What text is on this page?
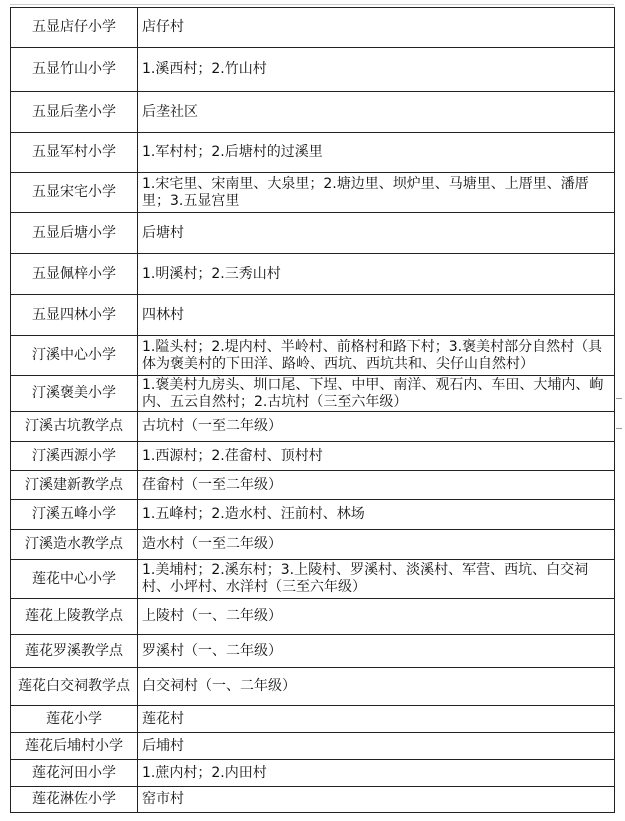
五显店仔小学	店仔村
五显竹山小学	1.溪西村；2.竹山村
五显后垄小学	后垄社区
五显军村小学	1.军村村；2.后塘村的过溪里
五显宋宅小学	1.宋宅里、宋南里、大泉里；2.塘边里、坝炉里、马塘里、上厝里、潘厝里；3.五显宫里
五显后塘小学	后塘村
五显佩梓小学	1.明溪村；2.三秀山村
五显四林小学	四林村
汀溪中心小学	1.隘头村；2.堤内村、半岭村、前格村和路下村；3.褒美村部分自然村（具体为褒美村的下田洋、路岭、西坑、西坑共和、尖仔山自然村）
汀溪褒美小学	1.褒美村九房头、圳口尾、下埕、中甲、南洋、观石内、车田、大埔内、峋内、五云自然村；2.古坑村（三至六年级）
汀溪古坑教学点	古坑村（一至二年级）
汀溪西源小学	1.西源村；2.荏畲村、顶村村
汀溪建新教学点	荏畲村（一至二年级）
汀溪五峰小学	1.五峰村；2.造水村、汪前村、林场
汀溪造水教学点	造水村（一至二年级）
莲花中心小学	1.美埔村；2.溪东村；3.上陵村、罗溪村、淡溪村、军营、西坑、白交祠村、小坪村、水洋村（三至六年级）
莲花上陵教学点	上陵村（一、二年级）
莲花罗溪教学点	罗溪村（一、二年级）
莲花白交祠教学点	白交祠村（一、二年级）
莲花小学	莲花村
莲花后埔村小学	后埔村
莲花河田小学	1.蔗内村；2.内田村
莲花淋佐小学	窑市村
